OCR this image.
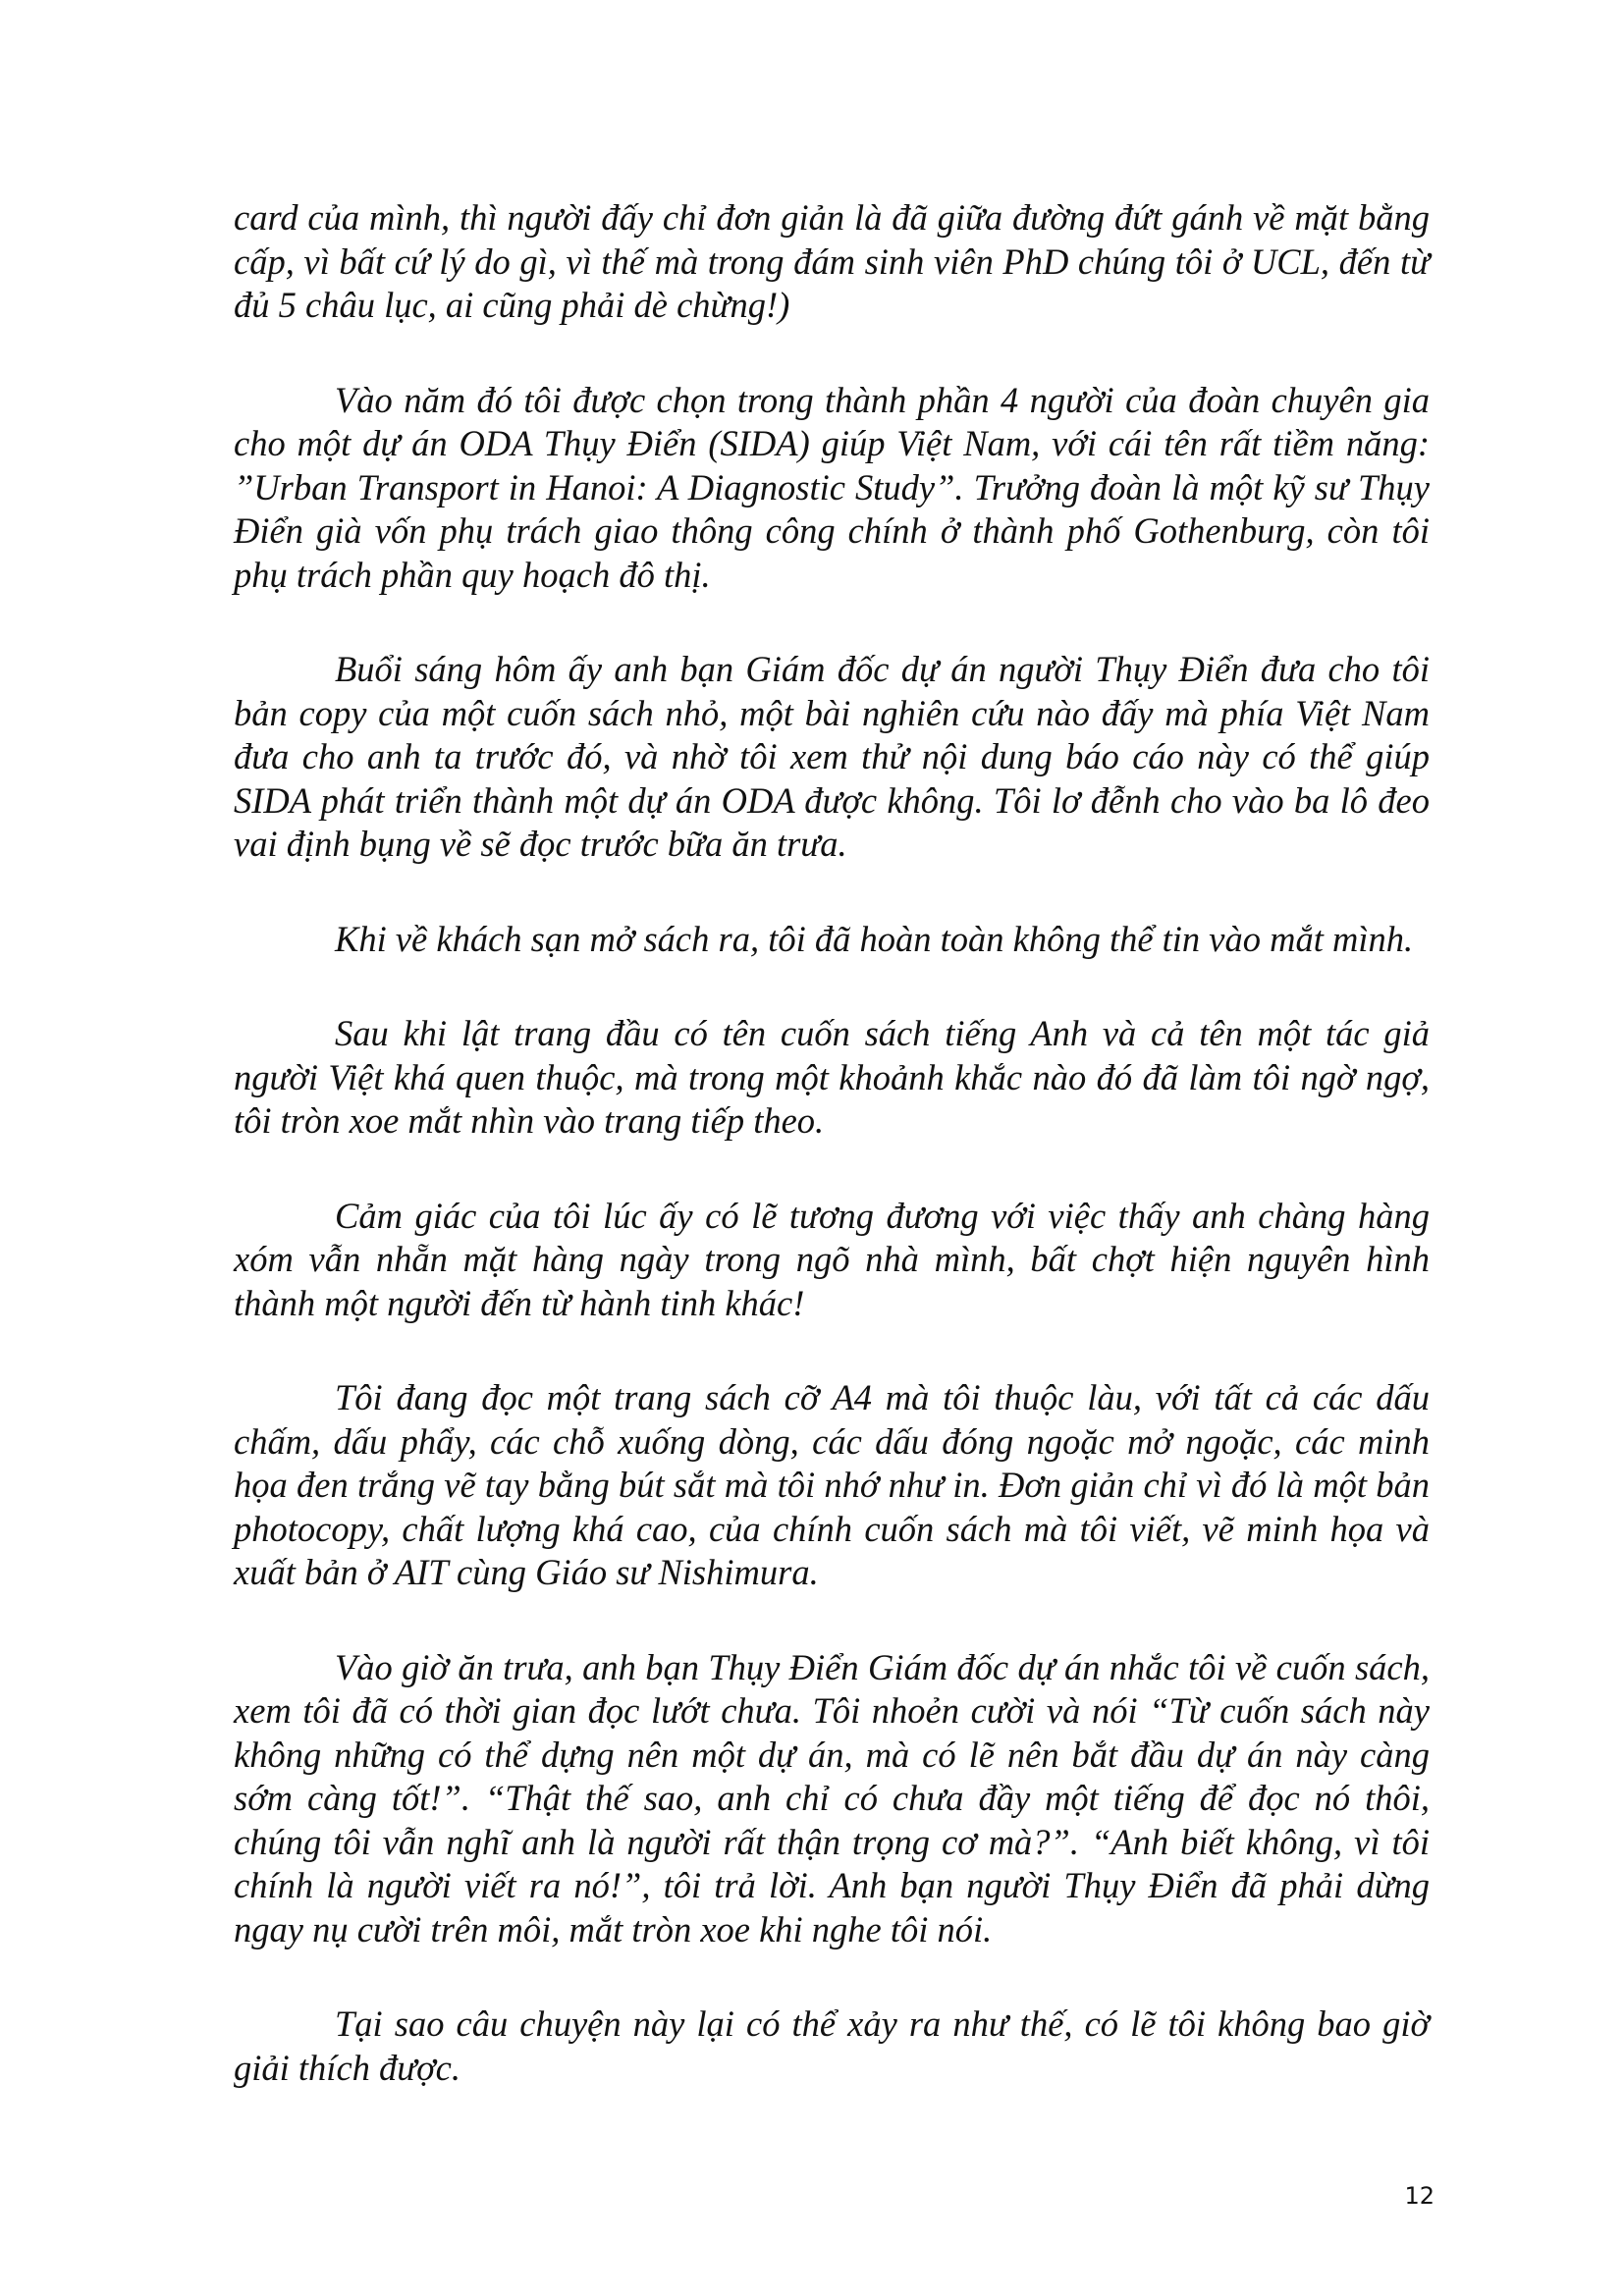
card của mình, thì người đấy chỉ đơn giản là đã giữa đường đứt gánh về mặt bằng cấp, vì bất cứ lý do gì, vì thế mà trong đám sinh viên PhD chúng tôi ở UCL, đến từ đủ 5 châu lục, ai cũng phải dè chừng!)

Vào năm đó tôi được chọn trong thành phần 4 người của đoàn chuyên gia cho một dự án ODA Thụy Điển (SIDA) giúp Việt Nam, với cái tên rất tiềm năng: ”Urban Transport in Hanoi: A Diagnostic Study”. Trưởng đoàn là một kỹ sư Thụy Điển già vốn phụ trách giao thông công chính ở thành phố Gothenburg, còn tôi phụ trách phần quy hoạch đô thị.

Buổi sáng hôm ấy anh bạn Giám đốc dự án người Thụy Điển đưa cho tôi bản copy của một cuốn sách nhỏ, một bài nghiên cứu nào đấy mà phía Việt Nam đưa cho anh ta trước đó, và nhờ tôi xem thử nội dung báo cáo này có thể giúp SIDA phát triển thành một dự án ODA được không. Tôi lơ đễnh cho vào ba lô đeo vai định bụng về sẽ đọc trước bữa ăn trưa.

Khi về khách sạn mở sách ra, tôi đã hoàn toàn không thể tin vào mắt mình.

Sau khi lật trang đầu có tên cuốn sách tiếng Anh và cả tên một tác giả người Việt khá quen thuộc, mà trong một khoảnh khắc nào đó đã làm tôi ngờ ngợ, tôi tròn xoe mắt nhìn vào trang tiếp theo.

Cảm giác của tôi lúc ấy có lẽ tương đương với việc thấy anh chàng hàng xóm vẫn nhẵn mặt hàng ngày trong ngõ nhà mình, bất chợt hiện nguyên hình thành một người đến từ hành tinh khác!

Tôi đang đọc một trang sách cỡ A4 mà tôi thuộc làu, với tất cả các dấu chấm, dấu phẩy, các chỗ xuống dòng, các dấu đóng ngoặc mở ngoặc, các minh họa đen trắng vẽ tay bằng bút sắt mà tôi nhớ như in. Đơn giản chỉ vì đó là một bản photocopy, chất lượng khá cao, của chính cuốn sách mà tôi viết, vẽ minh họa và xuất bản ở AIT cùng Giáo sư Nishimura.

Vào giờ ăn trưa, anh bạn Thụy Điển Giám đốc dự án nhắc tôi về cuốn sách, xem tôi đã có thời gian đọc lướt chưa. Tôi nhoẻn cười và nói “Từ cuốn sách này không những có thể dựng nên một dự án, mà có lẽ nên bắt đầu dự án này càng sớm càng tốt!”. “Thật thế sao, anh chỉ có chưa đầy một tiếng để đọc nó thôi, chúng tôi vẫn nghĩ anh là người rất thận trọng cơ mà?”. “Anh biết không, vì tôi chính là người viết ra nó!”, tôi trả lời. Anh bạn người Thụy Điển đã phải dừng ngay nụ cười trên môi, mắt tròn xoe khi nghe tôi nói.

Tại sao câu chuyện này lại có thể xảy ra như thế, có lẽ tôi không bao giờ giải thích được.

12
